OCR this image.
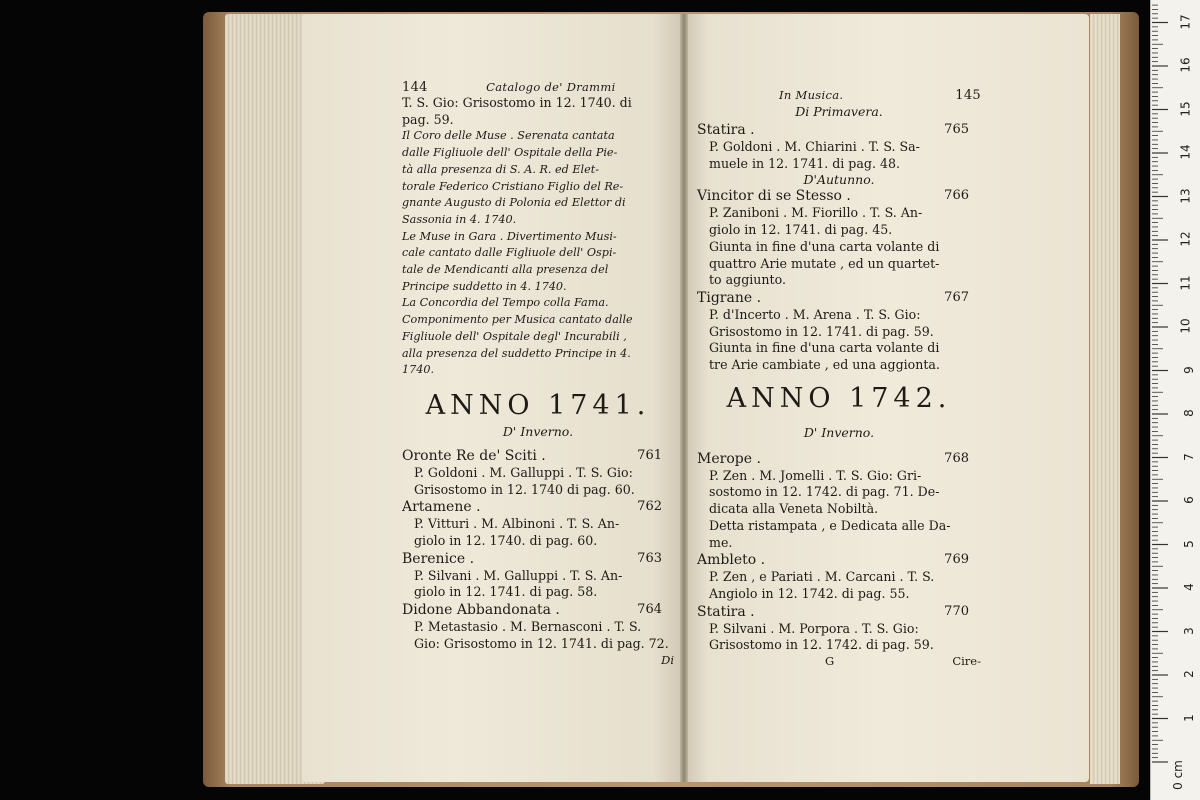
144	Catalogo de' Drammi
T. S. Gio: Grisostomo in 12. 1740. di
pag. 59.
Il Coro delle Muse . Serenata cantata
dalle Figliuole dell' Ospitale della Pie-
tà alla presenza di S. A. R. ed Elet-
torale Federico Cristiano Figlio del Re-
gnante Augusto di Polonia ed Elettor di
Sassonia in 4. 1740.
Le Muse in Gara . Divertimento Musi-
cale cantato dalle Figliuole dell' Ospi-
tale de Mendicanti alla presenza del
Principe suddetto in 4. 1740.
La Concordia del Tempo colla Fama.
Componimento per Musica cantato dalle
Figliuole dell' Ospitale degl' Incurabili ,
alla presenza del suddetto Principe in 4.
1740.
ANNO 1741.
D' Inverno.
Oronte Re de' Sciti .	761
P. Goldoni . M. Galluppi . T. S. Gio:
Grisostomo in 12. 1740 di pag. 60.
Artamene .	762
P. Vitturi . M. Albinoni . T. S. An-
giolo in 12. 1740. di pag. 60.
Berenice .	763
P. Silvani . M. Galluppi . T. S. An-
giolo in 12. 1741. di pag. 58.
Didone Abbandonata .	764
P. Metastasio . M. Bernasconi . T. S.
Gio: Grisostomo in 12. 1741. di pag. 72.
Di
In Musica.	145
Di Primavera.
Statira .	765
P. Goldoni . M. Chiarini . T. S. Sa-
muele in 12. 1741. di pag. 48.
D'Autunno.
Vincitor di se Stesso .	766
P. Zaniboni . M. Fiorillo . T. S. An-
giolo in 12. 1741. di pag. 45.
Giunta in fine d'una carta volante di
quattro Arie mutate , ed un quartet-
to aggiunto.
Tigrane .	767
P. d'Incerto . M. Arena . T. S. Gio:
Grisostomo in 12. 1741. di pag. 59.
Giunta in fine d'una carta volante di
tre Arie cambiate , ed una aggionta.
ANNO 1742.
D' Inverno.
Merope .	768
P. Zen . M. Jomelli . T. S. Gio: Gri-
sostomo in 12. 1742. di pag. 71. De-
dicata alla Veneta Nobiltà.
Detta ristampata , e Dedicata alle Da-
me.
Ambleto .	769
P. Zen , e Pariati . M. Carcani . T. S.
Angiolo in 12. 1742. di pag. 55.
Statira .	770
P. Silvani . M. Porpora . T. S. Gio:
Grisostomo in 12. 1742. di pag. 59.
G	Cire-
0 cm
1
2
3
4
5
6
7
8
9
10
11
12
13
14
15
16
17
